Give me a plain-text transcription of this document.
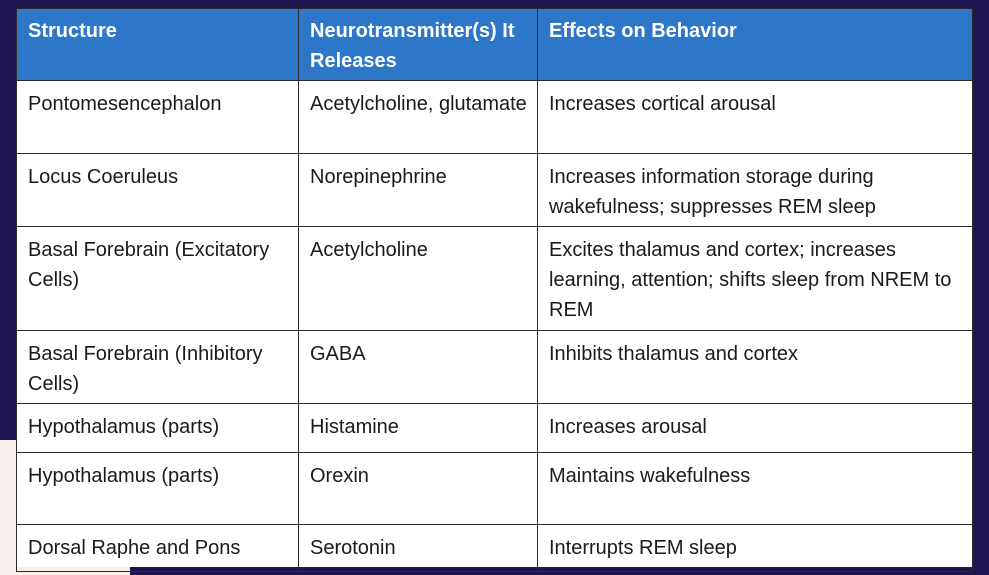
Structure	Neurotransmitter(s) It Releases	Effects on Behavior
Pontomesencephalon	Acetylcholine, glutamate	Increases cortical arousal
Locus Coeruleus	Norepinephrine	Increases information storage during wakefulness; suppresses REM sleep
Basal Forebrain (Excitatory Cells)	Acetylcholine	Excites thalamus and cortex; increases learning, attention; shifts sleep from NREM to REM
Basal Forebrain (Inhibitory Cells)	GABA	Inhibits thalamus and cortex
Hypothalamus (parts)	Histamine	Increases arousal
Hypothalamus (parts)	Orexin	Maintains wakefulness
Dorsal Raphe and Pons	Serotonin	Interrupts REM sleep
